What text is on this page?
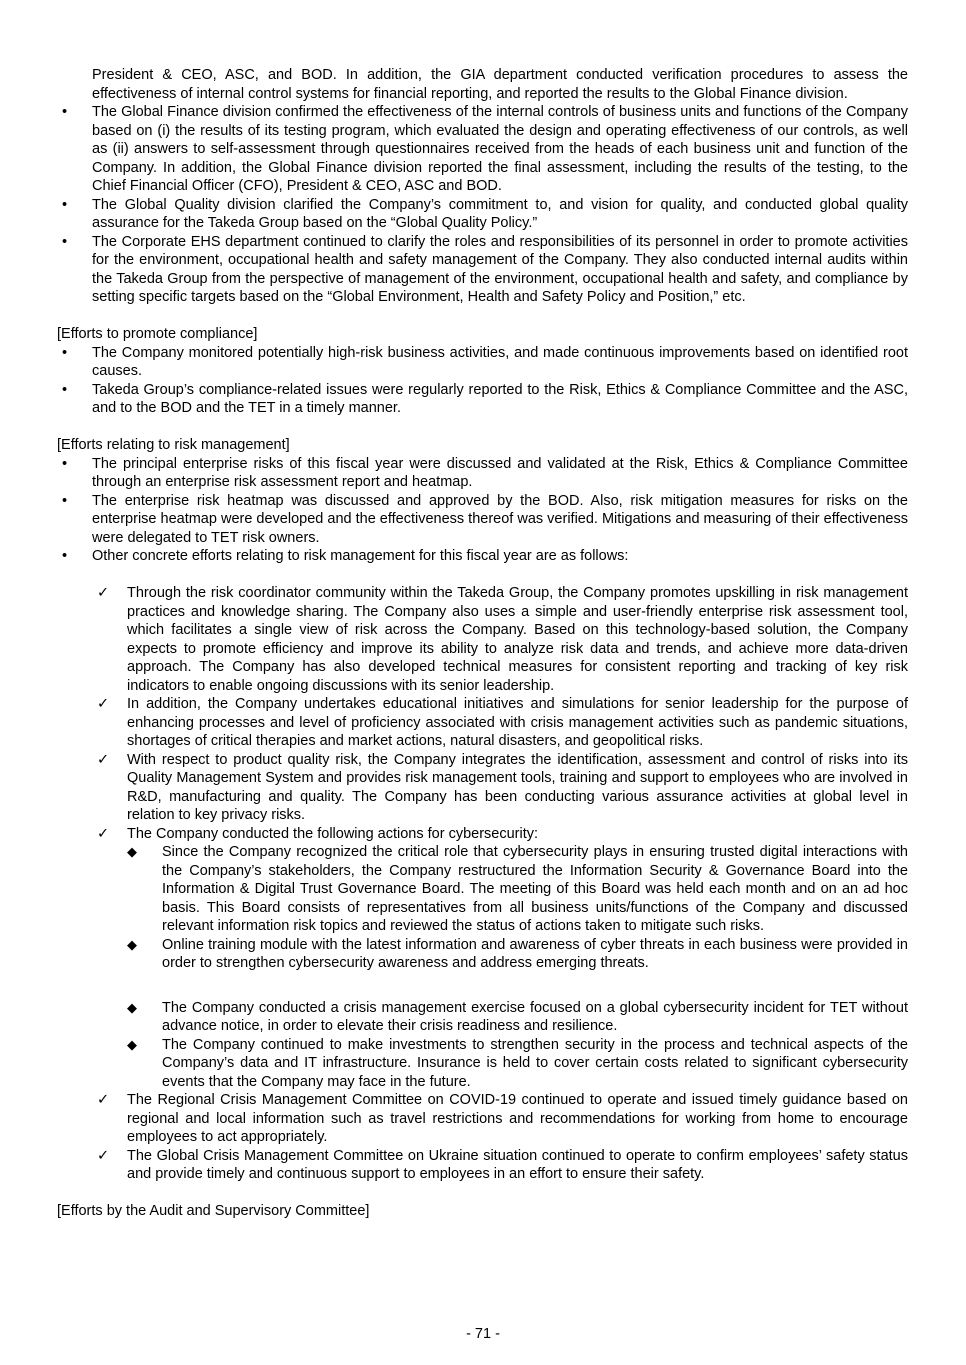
President & CEO, ASC, and BOD. In addition, the GIA department conducted verification procedures to assess the effectiveness of internal control systems for financial reporting, and reported the results to the Global Finance division.

•	The Global Finance division confirmed the effectiveness of the internal controls of business units and functions of the Company based on (i) the results of its testing program, which evaluated the design and operating effectiveness of our controls, as well as (ii) answers to self-assessment through questionnaires received from the heads of each business unit and function of the Company. In addition, the Global Finance division reported the final assessment, including the results of the testing, to the Chief Financial Officer (CFO), President & CEO, ASC and BOD.

•	The Global Quality division clarified the Company’s commitment to, and vision for quality, and conducted global quality assurance for the Takeda Group based on the “Global Quality Policy.”

•	The Corporate EHS department continued to clarify the roles and responsibilities of its personnel in order to promote activities for the environment, occupational health and safety management of the Company. They also conducted internal audits within the Takeda Group from the perspective of management of the environment, occupational health and safety, and compliance by setting specific targets based on the “Global Environment, Health and Safety Policy and Position,” etc.

[Efforts to promote compliance]

•	The Company monitored potentially high-risk business activities, and made continuous improvements based on identified root causes.

•	Takeda Group’s compliance-related issues were regularly reported to the Risk, Ethics & Compliance Committee and the ASC, and to the BOD and the TET in a timely manner.

[Efforts relating to risk management]

•	The principal enterprise risks of this fiscal year were discussed and validated at the Risk, Ethics & Compliance Committee through an enterprise risk assessment report and heatmap.

•	The enterprise risk heatmap was discussed and approved by the BOD. Also, risk mitigation measures for risks on the enterprise heatmap were developed and the effectiveness thereof was verified. Mitigations and measuring of their effectiveness were delegated to TET risk owners.

•	Other concrete efforts relating to risk management for this fiscal year are as follows:

✓	Through the risk coordinator community within the Takeda Group, the Company promotes upskilling in risk management practices and knowledge sharing. The Company also uses a simple and user-friendly enterprise risk assessment tool, which facilitates a single view of risk across the Company. Based on this technology-based solution, the Company expects to promote efficiency and improve its ability to analyze risk data and trends, and achieve more data-driven approach. The Company has also developed technical measures for consistent reporting and tracking of key risk indicators to enable ongoing discussions with its senior leadership.

✓	In addition, the Company undertakes educational initiatives and simulations for senior leadership for the purpose of enhancing processes and level of proficiency associated with crisis management activities such as pandemic situations, shortages of critical therapies and market actions, natural disasters, and geopolitical risks.

✓	With respect to product quality risk, the Company integrates the identification, assessment and control of risks into its Quality Management System and provides risk management tools, training and support to employees who are involved in R&D, manufacturing and quality. The Company has been conducting various assurance activities at global level in relation to key privacy risks.

✓	The Company conducted the following actions for cybersecurity:

◆	Since the Company recognized the critical role that cybersecurity plays in ensuring trusted digital interactions with the Company’s stakeholders, the Company restructured the Information Security & Governance Board into the Information & Digital Trust Governance Board. The meeting of this Board was held each month and on an ad hoc basis. This Board consists of representatives from all business units/functions of the Company and discussed relevant information risk topics and reviewed the status of actions taken to mitigate such risks.

◆	Online training module with the latest information and awareness of cyber threats in each business were provided in order to strengthen cybersecurity awareness and address emerging threats.

◆	The Company conducted a crisis management exercise focused on a global cybersecurity incident for TET without advance notice, in order to elevate their crisis readiness and resilience.

◆	The Company continued to make investments to strengthen security in the process and technical aspects of the Company’s data and IT infrastructure. Insurance is held to cover certain costs related to significant cybersecurity events that the Company may face in the future.

✓	The Regional Crisis Management Committee on COVID-19 continued to operate and issued timely guidance based on regional and local information such as travel restrictions and recommendations for working from home to encourage employees to act appropriately.

✓	The Global Crisis Management Committee on Ukraine situation continued to operate to confirm employees’ safety status and provide timely and continuous support to employees in an effort to ensure their safety.

[Efforts by the Audit and Supervisory Committee]

- 71 -
